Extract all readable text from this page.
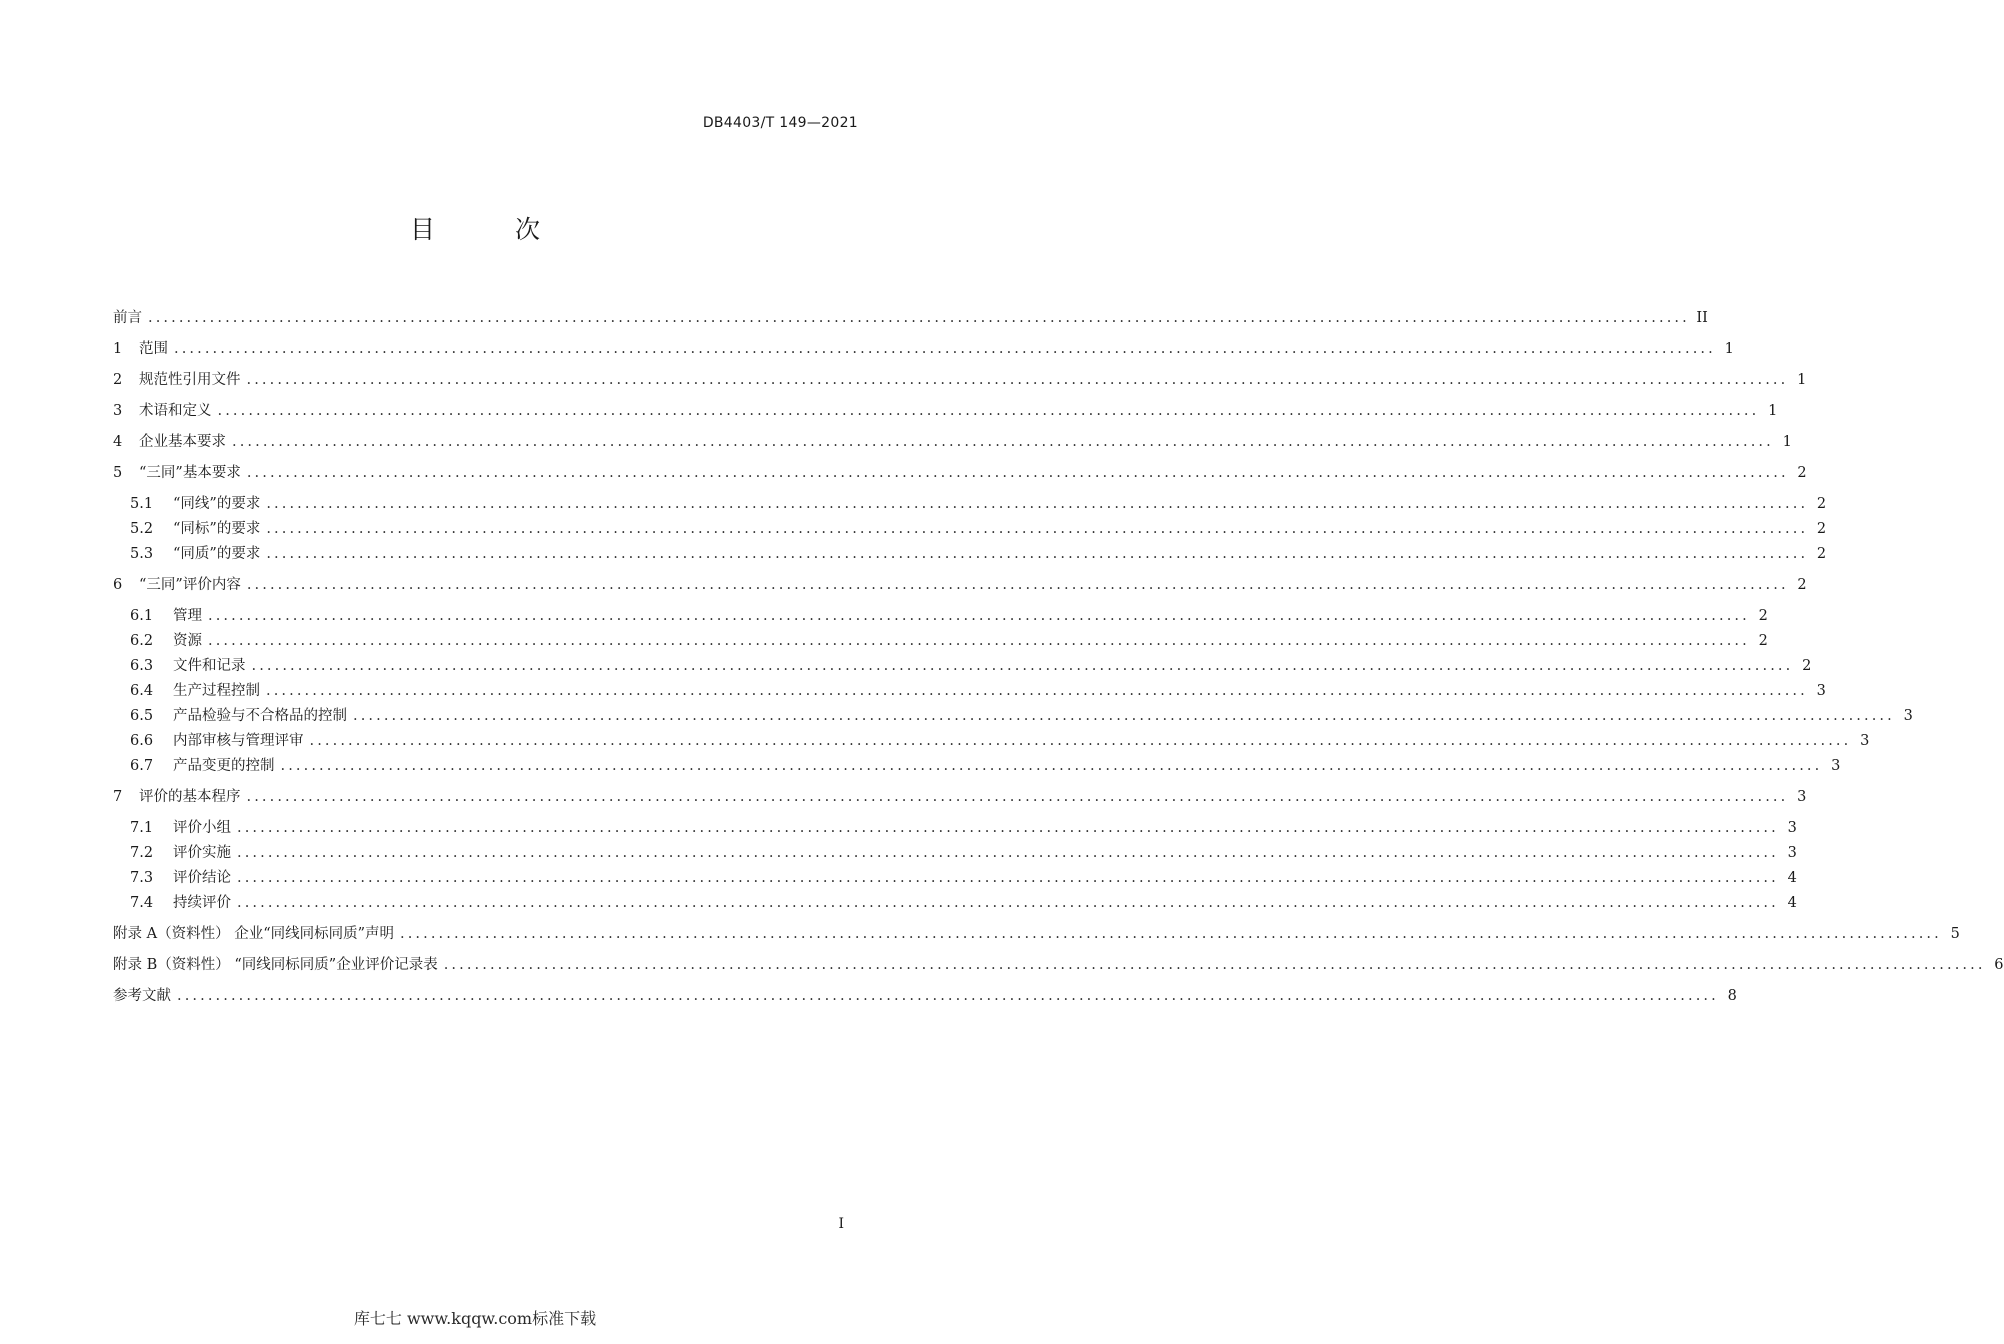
DB4403/T 149—2021
目 次
前言 ........................................................................................................................................................................................................ II
1	范围 ........................................................................................................................................................................................................ 1
2	规范性引用文件 ........................................................................................................................................................................................................ 1
3	术语和定义 ........................................................................................................................................................................................................ 1
4	企业基本要求 ........................................................................................................................................................................................................ 1
5	“三同”基本要求 ........................................................................................................................................................................................................ 2
5.1	“同线”的要求 ........................................................................................................................................................................................................ 2
5.2	“同标”的要求 ........................................................................................................................................................................................................ 2
5.3	“同质”的要求 ........................................................................................................................................................................................................ 2
6	“三同”评价内容 ........................................................................................................................................................................................................ 2
6.1	管理 ........................................................................................................................................................................................................ 2
6.2	资源 ........................................................................................................................................................................................................ 2
6.3	文件和记录 ........................................................................................................................................................................................................ 2
6.4	生产过程控制 ........................................................................................................................................................................................................ 3
6.5	产品检验与不合格品的控制 ........................................................................................................................................................................................................ 3
6.6	内部审核与管理评审 ........................................................................................................................................................................................................ 3
6.7	产品变更的控制 ........................................................................................................................................................................................................ 3
7	评价的基本程序 ........................................................................................................................................................................................................ 3
7.1	评价小组 ........................................................................................................................................................................................................ 3
7.2	评价实施 ........................................................................................................................................................................................................ 3
7.3	评价结论 ........................................................................................................................................................................................................ 4
7.4	持续评价 ........................................................................................................................................................................................................ 4
附录 A（资料性） 企业“同线同标同质”声明 ........................................................................................................................................................................................................ 5
附录 B（资料性） “同线同标同质”企业评价记录表 ........................................................................................................................................................................................................ 6
参考文献 ........................................................................................................................................................................................................ 8
I
库七七 www.kqqw.com标准下载
